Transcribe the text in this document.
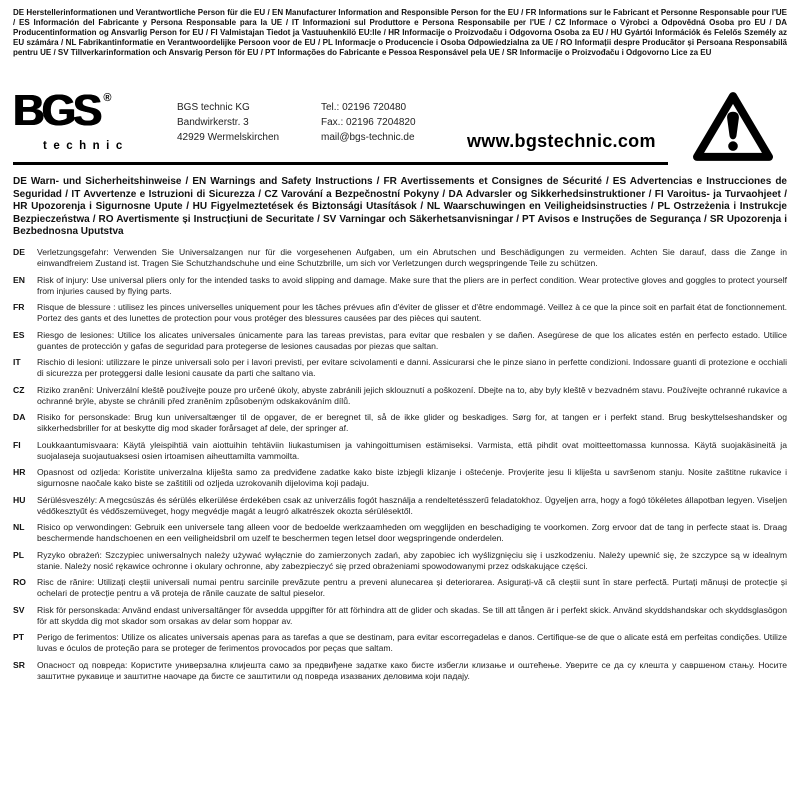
DE Herstellerinformationen und Verantwortliche Person für die EU / EN Manufacturer Information and Responsible Person for the EU / FR Informations sur le Fabricant et Personne Responsable pour l'UE / ES Información del Fabricante y Persona Responsable para la UE / IT Informazioni sul Produttore e Persona Responsabile per l'UE / CZ Informace o Výrobci a Odpovědná Osoba pro EU / DA Producentinformation og Ansvarlig Person for EU / FI Valmistajan Tiedot ja Vastuuhenkilö EU:lle / HR Informacije o Proizvođaču i Odgovorna Osoba za EU / HU Gyártói Információk és Felelős Személy az EU számára / NL Fabrikantinformatie en Verantwoordelijke Persoon voor de EU / PL Informacje o Producencie i Osoba Odpowiedzialna za UE / RO Informații despre Producător și Persoana Responsabilă pentru UE / SV Tillverkarinformation och Ansvarig Person för EU / PT Informações do Fabricante e Pessoa Responsável pela UE / SR Informacije o Proizvođaču i Odgovorno Lice za EU

BGS ®
technic
BGS technic KG
Bandwirkerstr. 3
42929 Wermelskirchen
Tel.: 02196 720480
Fax.: 02196 7204820
mail@bgs-technic.de	www.bgstechnic.com

DE Warn- und Sicherheitshinweise / EN Warnings and Safety Instructions / FR Avertissements et Consignes de Sécurité / ES Advertencias e Instrucciones de Seguridad / IT Avvertenze e Istruzioni di Sicurezza / CZ Varování a Bezpečnostní Pokyny / DA Advarsler og Sikkerhedsinstruktioner / FI Varoitus- ja Turvaohjeet / HR Upozorenja i Sigurnosne Upute / HU Figyelmeztetések és Biztonsági Utasítások / NL Waarschuwingen en Veiligheidsinstructies / PL Ostrzeżenia i Instrukcje Bezpieczeństwa / RO Avertismente și Instrucțiuni de Securitate / SV Varningar och Säkerhetsanvisningar / PT Avisos e Instruções de Segurança / SR Upozorenja i Bezbednosna Uputstva

DE	Verletzungsgefahr: Verwenden Sie Universalzangen nur für die vorgesehenen Aufgaben, um ein Abrutschen und Beschädigungen zu vermeiden. Achten Sie darauf, dass die Zange in einwandfreiem Zustand ist. Tragen Sie Schutzhandschuhe und eine Schutzbrille, um sich vor Verletzungen durch wegspringende Teile zu schützen.
EN	Risk of injury: Use universal pliers only for the intended tasks to avoid slipping and damage. Make sure that the pliers are in perfect condition. Wear protective gloves and goggles to protect yourself from injuries caused by flying parts.
FR	Risque de blessure : utilisez les pinces universelles uniquement pour les tâches prévues afin d'éviter de glisser et d'être endommagé. Veillez à ce que la pince soit en parfait état de fonctionnement. Portez des gants et des lunettes de protection pour vous protéger des blessures causées par des pièces qui sautent.
ES	Riesgo de lesiones: Utilice los alicates universales únicamente para las tareas previstas, para evitar que resbalen y se dañen. Asegúrese de que los alicates estén en perfecto estado. Utilice guantes de protección y gafas de seguridad para protegerse de lesiones causadas por piezas que saltan.
IT	Rischio di lesioni: utilizzare le pinze universali solo per i lavori previsti, per evitare scivolamenti e danni. Assicurarsi che le pinze siano in perfette condizioni. Indossare guanti di protezione e occhiali di sicurezza per proteggersi dalle lesioni causate da parti che saltano via.
CZ	Riziko zranění: Univerzální kleště používejte pouze pro určené úkoly, abyste zabránili jejich sklouznutí a poškození. Dbejte na to, aby byly kleště v bezvadném stavu. Používejte ochranné rukavice a ochranné brýle, abyste se chránili před zraněním způsobeným odskakováním dílů.
DA	Risiko for personskade: Brug kun universaltænger til de opgaver, de er beregnet til, så de ikke glider og beskadiges. Sørg for, at tangen er i perfekt stand. Brug beskyttelseshandsker og sikkerhedsbriller for at beskytte dig mod skader forårsaget af dele, der springer af.
FI	Loukkaantumisvaara: Käytä yleispihtiä vain aiottuihin tehtäviin liukastumisen ja vahingoittumisen estämiseksi. Varmista, että pihdit ovat moitteettomassa kunnossa. Käytä suojakäsineitä ja suojalaseja suojautuaksesi osien irtoamisen aiheuttamilta vammoilta.
HR	Opasnost od ozljeda: Koristite univerzalna kliješta samo za predviđene zadatke kako biste izbjegli klizanje i oštećenje. Provjerite jesu li kliješta u savršenom stanju. Nosite zaštitne rukavice i sigurnosne naočale kako biste se zaštitili od ozljeda uzrokovanih dijelovima koji padaju.
HU	Sérülésveszély: A megcsúszás és sérülés elkerülése érdekében csak az univerzális fogót használja a rendeltetésszerű feladatokhoz. Ügyeljen arra, hogy a fogó tökéletes állapotban legyen. Viseljen védőkesztyűt és védőszemüveget, hogy megvédje magát a leugró alkatrészek okozta sérülésektől.
NL	Risico op verwondingen: Gebruik een universele tang alleen voor de bedoelde werkzaamheden om wegglijden en beschadiging te voorkomen. Zorg ervoor dat de tang in perfecte staat is. Draag beschermende handschoenen en een veiligheidsbril om uzelf te beschermen tegen letsel door wegspringende onderdelen.
PL	Ryzyko obrażeń: Szczypiec uniwersalnych należy używać wyłącznie do zamierzonych zadań, aby zapobiec ich wyślizgnięciu się i uszkodzeniu. Należy upewnić się, że szczypce są w idealnym stanie. Należy nosić rękawice ochronne i okulary ochronne, aby zabezpieczyć się przed obrażeniami spowodowanymi przez odskakujące części.
RO	Risc de rănire: Utilizați cleștii universali numai pentru sarcinile prevăzute pentru a preveni alunecarea și deteriorarea. Asigurați-vă că cleștii sunt în stare perfectă. Purtați mănuși de protecție și ochelari de protecție pentru a vă proteja de rănile cauzate de saltul pieselor.
SV	Risk för personskada: Använd endast universaltänger för avsedda uppgifter för att förhindra att de glider och skadas. Se till att tången är i perfekt skick. Använd skyddshandskar och skyddsglasögon för att skydda dig mot skador som orsakas av delar som hoppar av.
PT	Perigo de ferimentos: Utilize os alicates universais apenas para as tarefas a que se destinam, para evitar escorregadelas e danos. Certifique-se de que o alicate está em perfeitas condições. Utilize luvas e óculos de proteção para se proteger de ferimentos provocados por peças que saltam.
SR	Опасност од повреда: Користите универзална клијешта само за предвиђене задатке како бисте избегли клизање и оштећење. Уверите се да су клешта у савршеном стању. Носите заштитне рукавице и заштитне наочаре да бисте се заштитили од повреда изазваних деловима који падају.
